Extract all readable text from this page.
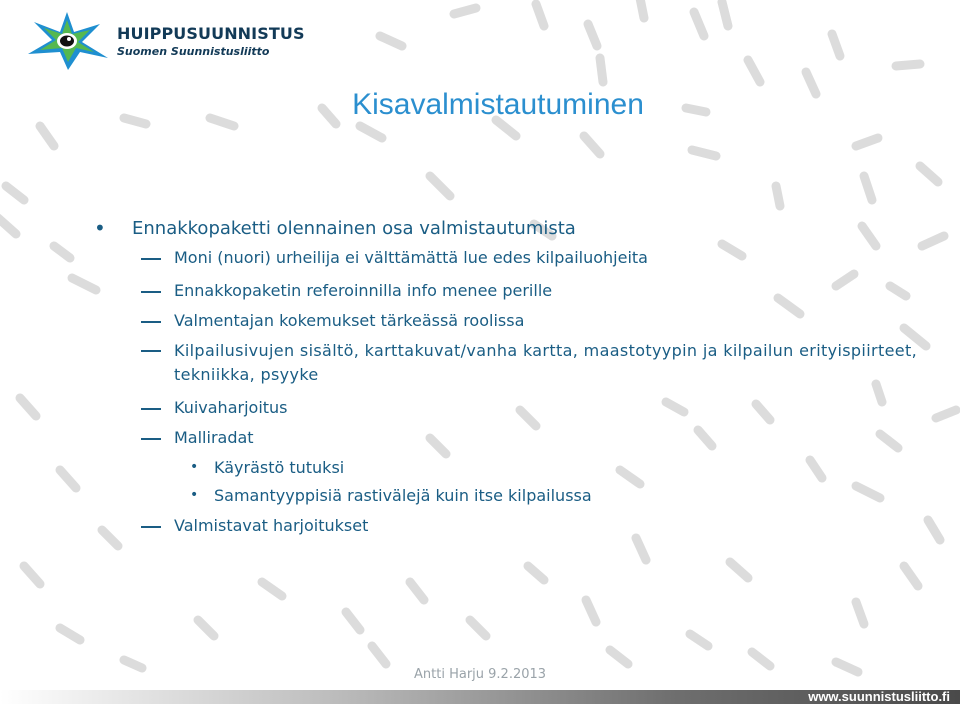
HUIPPUSUUNNISTUS
Suomen Suunnistusliitto
Kisavalmistautuminen
• Ennakkopaketti olennainen osa valmistautumista
Moni (nuori) urheilija ei välttämättä lue edes kilpailuohjeita
Ennakkopaketin referoinnilla info menee perille
Valmentajan kokemukset tärkeässä roolissa
Kilpailusivujen sisältö, karttakuvat/vanha kartta, maastotyypin ja kilpailun erityispiirteet, tekniikka, psyyke
Kuivaharjoitus
Malliradat
• Käyrästö tutuksi
• Samantyyppisiä rastivälejä kuin itse kilpailussa
Valmistavat harjoitukset
Antti Harju 9.2.2013
www.suunnistusliitto.fi
